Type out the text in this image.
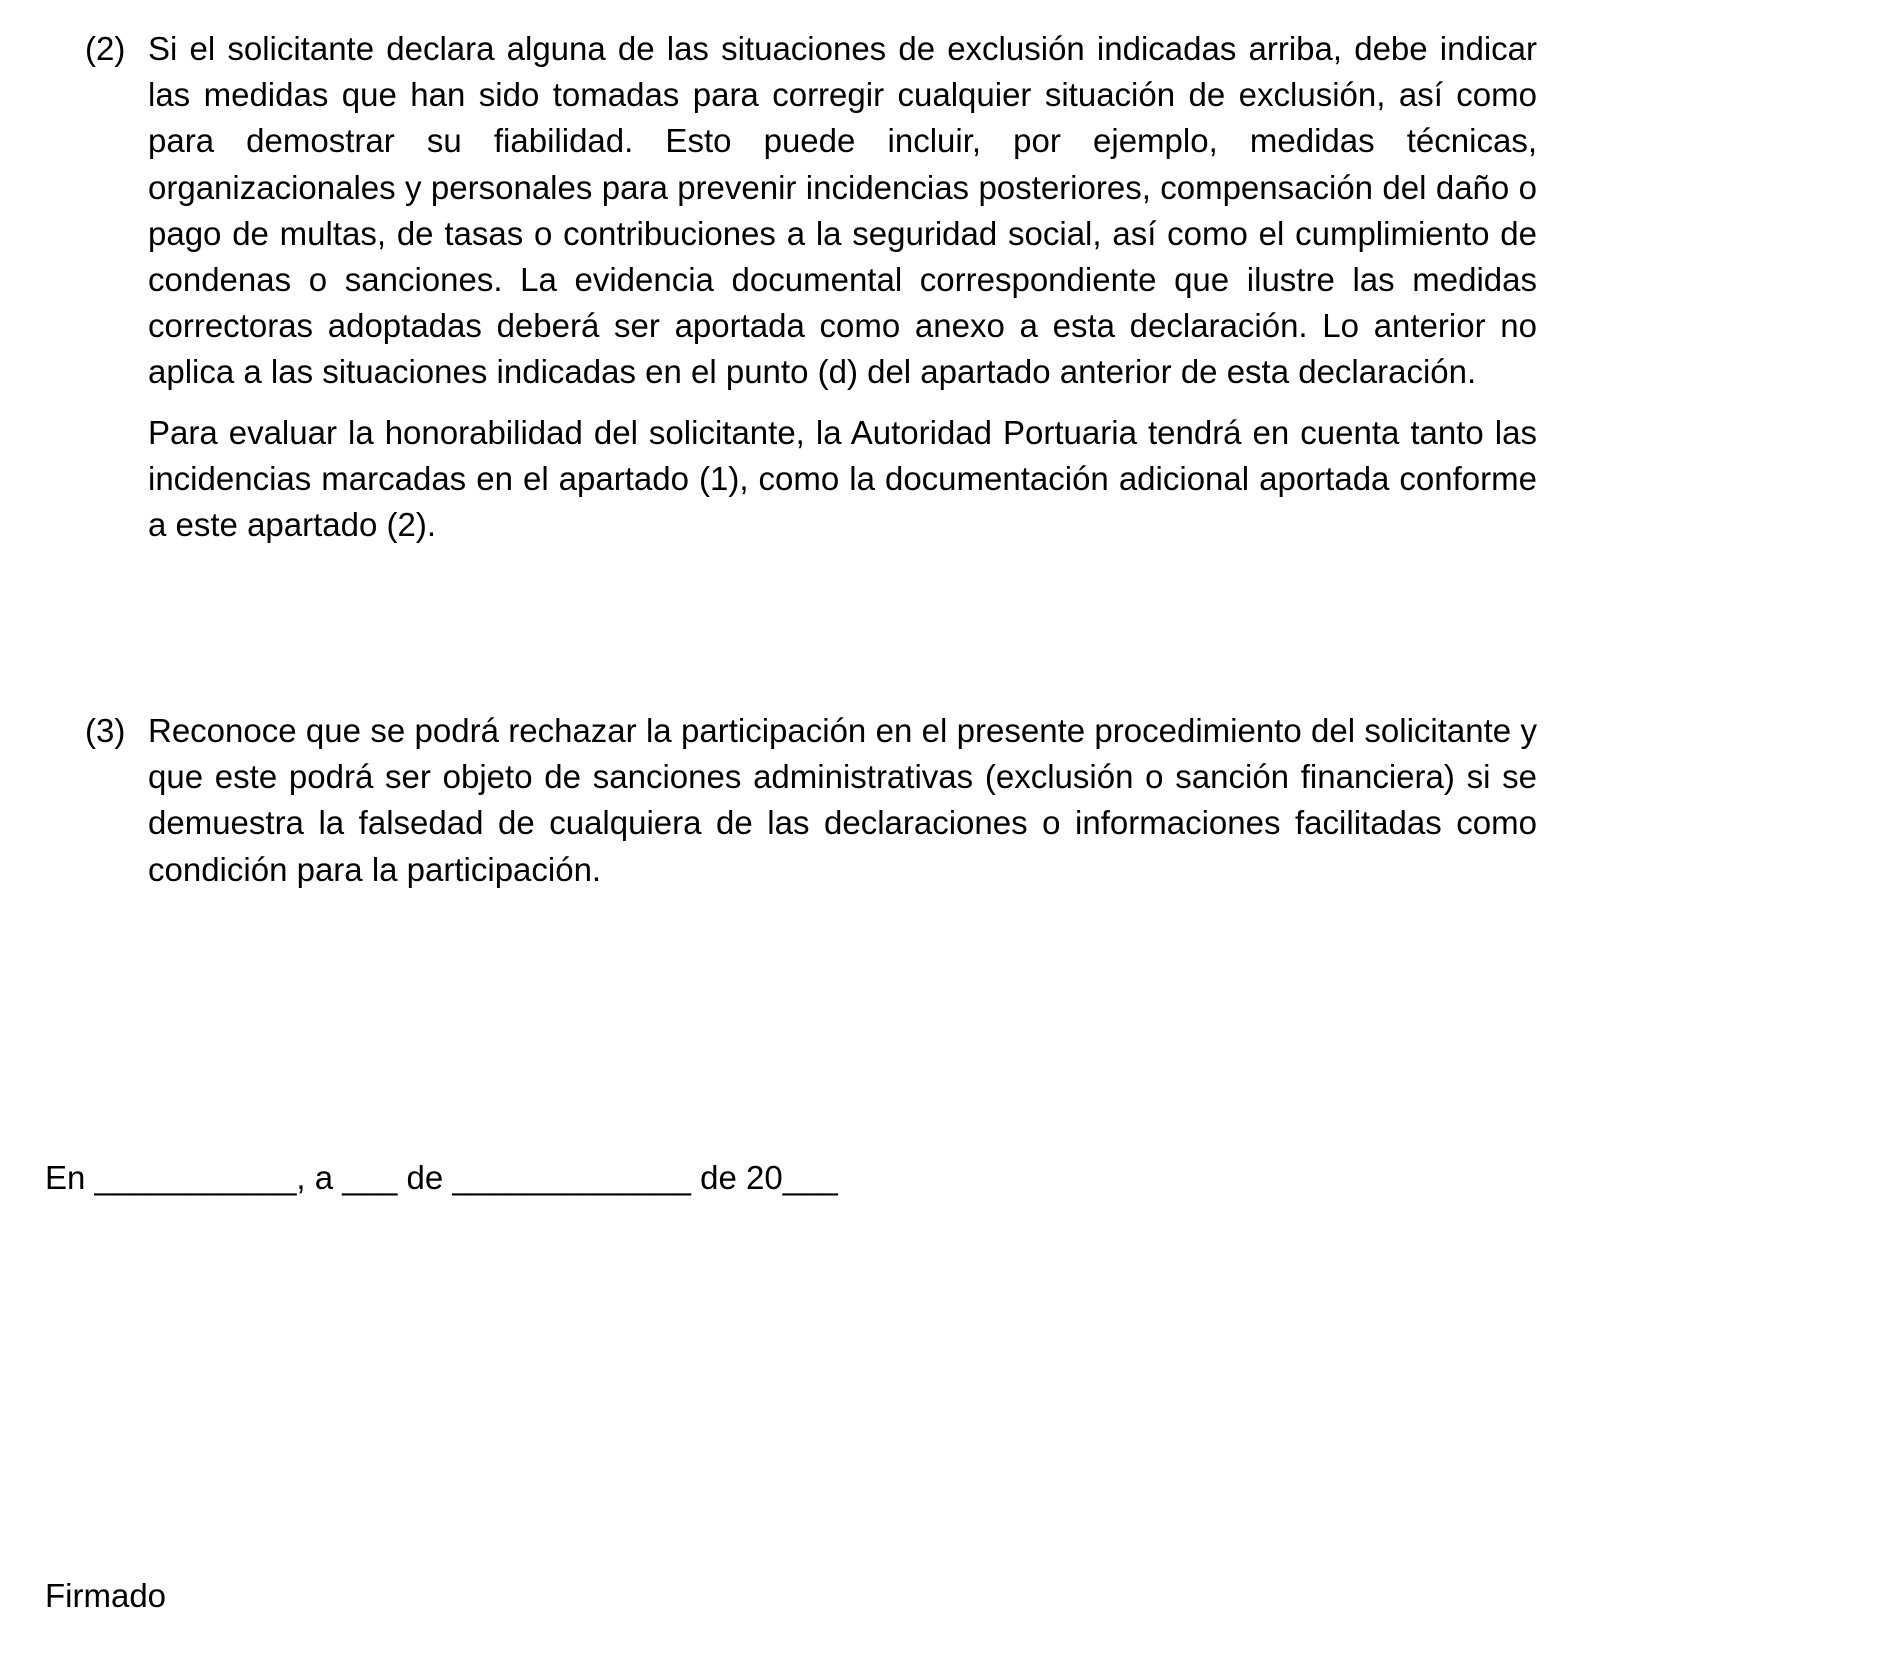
(2) Si el solicitante declara alguna de las situaciones de exclusión indicadas arriba, debe indicar las medidas que han sido tomadas para corregir cualquier situación de exclusión, así como para demostrar su fiabilidad. Esto puede incluir, por ejemplo, medidas técnicas, organizacionales y personales para prevenir incidencias posteriores, compensación del daño o pago de multas, de tasas o contribuciones a la seguridad social, así como el cumplimiento de condenas o sanciones. La evidencia documental correspondiente que ilustre las medidas correctoras adoptadas deberá ser aportada como anexo a esta declaración. Lo anterior no aplica a las situaciones indicadas en el punto (d) del apartado anterior de esta declaración.

Para evaluar la honorabilidad del solicitante, la Autoridad Portuaria tendrá en cuenta tanto las incidencias marcadas en el apartado (1), como la documentación adicional aportada conforme a este apartado (2).

(3) Reconoce que se podrá rechazar la participación en el presente procedimiento del solicitante y que este podrá ser objeto de sanciones administrativas (exclusión o sanción financiera) si se demuestra la falsedad de cualquiera de las declaraciones o informaciones facilitadas como condición para la participación.

En ___________, a ___ de _____________ de 20___
Firmado
